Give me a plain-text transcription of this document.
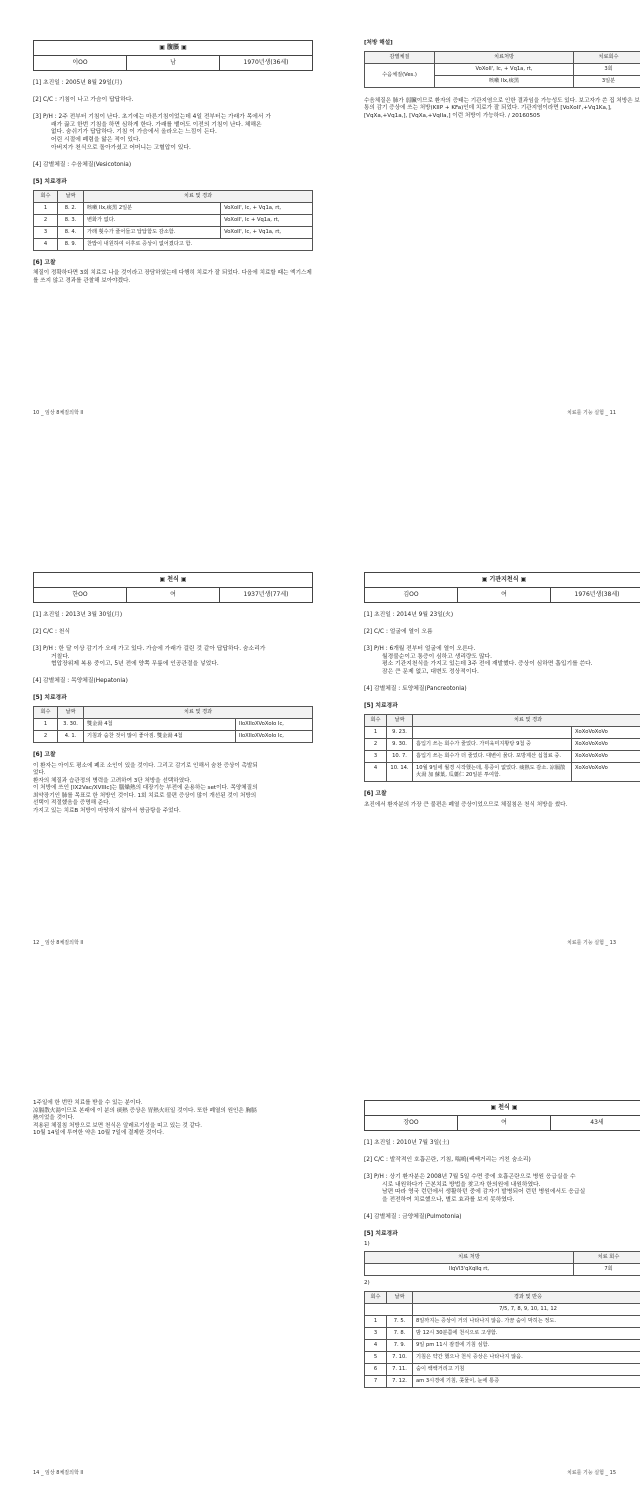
▣ 腹脹 ▣
이OO	남	1970년생(36세)
[1] 초진일 : 2005년 8월 29일(月)
[2] C/C : 기침이 나고 가슴이 답답하다.
[3] P/H : 2주 전부터 기침이 난다. 초기에는 마른기침이었는데 4일 전부터는 가래가 목에서 가
래가 끓고 한번 기침을 하면 심하게 한다. 가래를 뱉어도 이전의 기침이 난다. 체해온
없다. 숨쉬기가 답답하다. 기침 이 가슴에서 올라오는 느낌이 든다.
어린 시절에 폐렴을 앓은 적이 있다.
아버지가 천식으로 돌아가셨고 어머니는 고혈압이 있다.
[4] 감별체질 : 수음체질(Vesicotonia)
[5] 치료경과
회수	날짜	치료 및 경과	
1	8. 2.	咳嗽 IIx,痰黑 2일분	VoXoII', Ic, + Vq1a, rt,
2	8. 3.	변화가 없다.	VoXoII', Ic + Vq1a, rt,
3	8. 4.	가래 횟수가 줄어들고 답답함도 감소함.	VoXoII', Ic, + Vq1a, rt,
4	8. 9.	찬밥이 내원하여 이후로 증상이 없어졌다고 함.	
[6] 고찰
체질이 정확하다면 3회 치료로 나을 것이라고 장담하였는데 다행히 치료가 잘 되었다. 다음에 치료할 때는 엑기스제를 쓰지 않고 경과를 관찰해 보아야겠다.
10 _ 임상 8체질의학 II
[처방 해설]
감별체질	치료처방	치료회수
수음체질(Ves.)	VoXoII', Ic, + Vq1a, rt,	3회
	咳嗽 IIx,痰黑	3일분
수음체질은 肺가 弱臟이므로 환자의 증태는 기관지염으로 인한 결과임을 가능성도 있다. 보고자가 쓴 집 처방은 보통의 감기 증상에 쓰는 처방(KIIP + KFa)인데 치료가 잘 되었다. 기관지염이라면 [VoXoII',+Vq1Ka,], [VqXa,+Vq1a,], [VqXa,+VqIIa,] 이런 처방이 가능하다. / 20160505
치료를 기능 실험 _ 11
▣ 천식 ▣
한OO	여	1937년생(77세)
[1] 초진일 : 2013년 3월 30일(月)
[2] C/C : 천식
[3] P/H : 한 달 이상 감기가 오래 가고 있다. 가슴에 가래가 걸린 것 같아 답답하다. 숨소리가
거칠다.
협압장위제 복용 중이고, 5년 전에 양쪽 무릎에 인공관절을 넣었다.
[4] 감별체질 : 목양체질(Hepatonia)
[5] 치료경과
회수	날짜	치료 및 경과	
1	3. 30.	雙金湯 4첩	IIoXIIoXVoXoIo Ic,
2	4. 1.	기침과 숨찬 것이 많이 좋아짐. 雙金湯 4첩	IIoXIIoXVoXoIo Ic,
[6] 고찰
이 환자는 아이도 평소에 폐조 소인이 있을 것이다. 그리고 감기로 인해서 숨찬 증상이 촉발되
었다.
환자의 체질과 습관정의 병력을 고려하여 3단 처방을 선택하였다.
이 처방에 쓰인 [IX2Vac/XVIIIc]는 腦燥熱의 대장기능 부전에 운용하는 set이다. 목양체질의
최약장기인 肺를 목표로 한 처방인 것이다. 1회 치료로 불편 증상이 많이 개선된 것이 처방의
선택이 적절했음을 증명해 준다.
가지고 있는 치료B 처방이 마땅하지 않아서 쌍금탕을 주었다.
12 _ 임상 8체질의학 II
▣ 기관지천식 ▣
김OO	여	1976년생(38세)
[1] 초진일 : 2014년 9월 23일(火)
[2] C/C : 얼굴에 열이 오름
[3] P/H : 6개월 전부터 얼굴에 열이 오른다.
월경불순이고 통증이 심하고 생리량도 많다.
평소 기관지천식을 가지고 있는데 3주 전에 재발했다. 증상이 심하면 흡입기를 쓴다.
잠은 큰 문제 없고, 대변도 정상적이다.
[4] 감별체질 : 토양체질(Pancreotonia)
[5] 치료경과
회수	날짜	치료 및 경과	
1	9. 23.		XoXoVoXoVo
2	9. 30.	흡입기 쓰는 회수가 줄었다. 가미육미지황탕 9첩 중	XoXoVoXoVo
3	10. 7.	흡입기 쓰는 회수가 더 줄었다. 대변이 묽다. 포방제산 십첩료 중.	XoXoVoXoVo
4	10. 14.	10월 9일에 월경 시작했는데, 통증이 없었다. 痰熱도 감소. 凉膈散火湯 加 蘇葉, 瓜蔞仁 20일분 투여함.	XoXoVoXoVo
[6] 고찰
초진에서 환자분의 가장 큰 불편은 폐열 증상이었으므로 체질침은 천식 처방을 썼다.
치료를 기능 실험 _ 13
1주일에 한 번만 치료를 받을 수 있는 분이다.
凉膈散火湯이므로 본래에 이 분의 痰熱 증상은 胃熱火旺일 것이다. 또한 폐열의 원인은 胸膈
熱이었을 것이다.
적용된 체질침 처방으로 보면 천식은 알레르기성을 띠고 있는 것 같다.
10월 14일에 투여한 약은 10월 7일에 결제한 것이다.
14 _ 임상 8체질의학 II
▣ 천식 ▣
장OO	여	43세
[1] 초진일 : 2010년 7월 3일(土)
[2] C/C : 발작적인 호흡곤란, 기침, 喘鳴(쌕쌕거리는 거친 숨소리)
[3] P/H : 상기 환자분은 2008년 7월 5일 수면 중에 호흡곤란으로 병원 응급실을 수
시로 내원하다가 근본치료 방법을 찾고자 한의원에 내원하였다.
남편 따라 영국 런던에서 생활하던 중에 감자기 발병되어 런던 병원에서도 응급실
을 전전하여 치료했으나, 별로 효과를 보지 못하였다.
[4] 감별체질 : 금양체질(Pulmotonia)
[5] 치료경과
1)
치료 처방	치료 회수
IIqVI3'qXqIIq rt,	7회
2)
회수	날짜	경과 및 반응
		7/5, 7, 8, 9, 10, 11, 12
1	7. 5.	8일까지는 증상이 거의 나타나지 않음. 가끔 숨이 막히는 정도.
3	7. 8.	밤 12시 30분쯤에 천식으로 고생함.
4	7. 9.	9일 pm 11시 잠결에 기침 심함.
5	7. 10.	기침은 약간 했으나 천식 증상은 나타나지 않음.
6	7. 11.	숨이 쌕쌕거리고 기침
7	7. 12.	am 3시경에 기침, 콧물이, 눈에 통증
치료를 기능 실험 _ 15
